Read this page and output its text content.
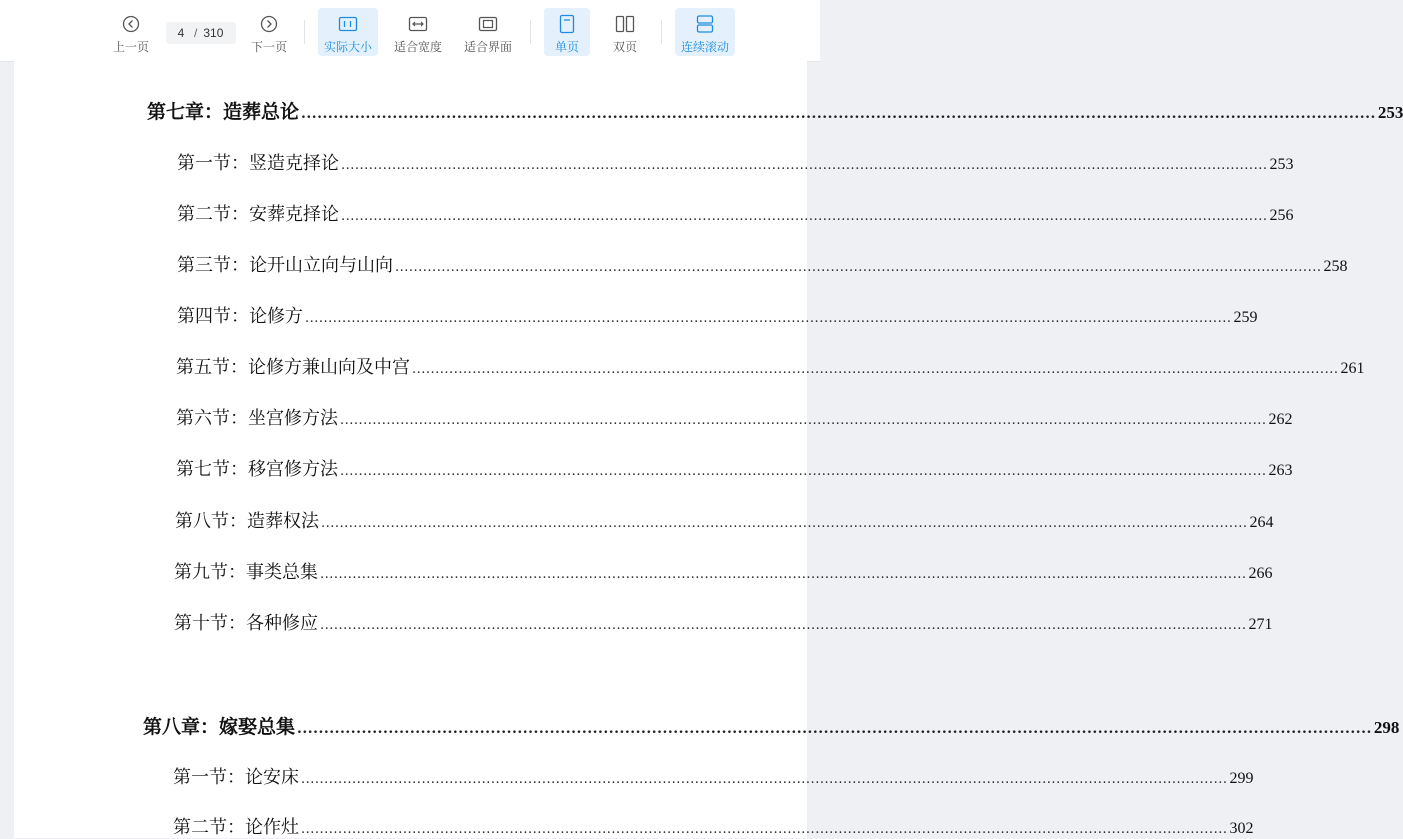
上一页
4
/ 310
下一页	实际大小 适合宽度 适合界面	单页	双页	连续滚动
第七章：造葬总论 ........................................................................................................................................................................................................ 253
第一节：竖造克择论 ........................................................................................................................................................................................................ 253
第二节：安葬克择论 ........................................................................................................................................................................................................ 256
第三节：论开山立向与山向 ........................................................................................................................................................................................................ 258
第四节：论修方 ........................................................................................................................................................................................................ 259
第五节：论修方兼山向及中宫 ........................................................................................................................................................................................................ 261
第六节：坐宫修方法 ........................................................................................................................................................................................................ 262
第七节：移宫修方法 ........................................................................................................................................................................................................ 263
第八节：造葬权法 ........................................................................................................................................................................................................ 264
第九节：事类总集 ........................................................................................................................................................................................................ 266
第十节：各种修应 ........................................................................................................................................................................................................ 271
第八章：嫁娶总集 ........................................................................................................................................................................................................ 298
第一节：论安床 ........................................................................................................................................................................................................ 299
第二节：论作灶 ........................................................................................................................................................................................................ 302
